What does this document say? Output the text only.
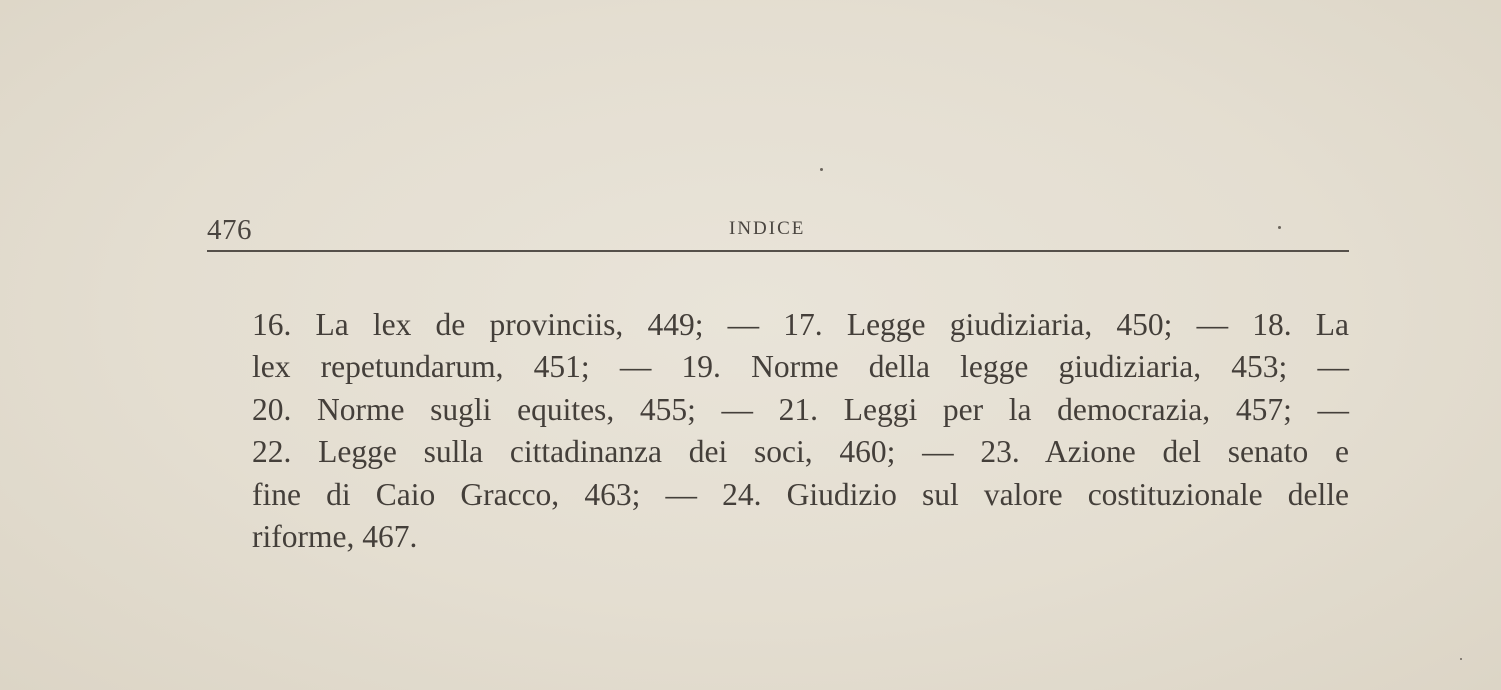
476	INDICE
16. La lex de provinciis, 449; — 17. Legge giudiziaria, 450; — 18. La
lex repetundarum, 451; — 19. Norme della legge giudiziaria, 453; —
20. Norme sugli equites, 455; — 21. Leggi per la democrazia, 457; —
22. Legge sulla cittadinanza dei soci, 460; — 23. Azione del senato e
fine di Caio Gracco, 463; — 24. Giudizio sul valore costituzionale delle
riforme, 467.
